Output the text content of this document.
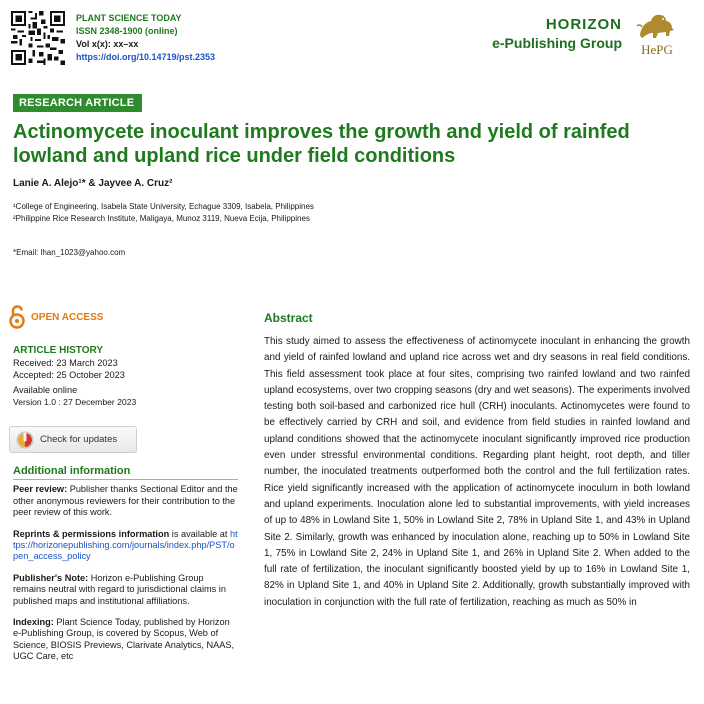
PLANT SCIENCE TODAY
ISSN 2348-1900 (online)
Vol x(x): xx–xx
https://doi.org/10.14719/pst.2353
HORIZON
e-Publishing Group	HePG
RESEARCH ARTICLE
Actinomycete inoculant improves the growth and yield of rainfed lowland and upland rice under field conditions
Lanie A. Alejo¹* & Jayvee A. Cruz²
¹College of Engineering, Isabela State University, Echague 3309, Isabela, Philippines
²Philippine Rice Research Institute, Maligaya, Munoz 3119, Nueva Ecija, Philippines
*Email: lhan_1023@yahoo.com
OPEN ACCESS
ARTICLE HISTORY
Received: 23 March 2023
Accepted: 25 October 2023
Available online
Version 1.0 : 27 December 2023
Check for updates
Additional information

Peer review: Publisher thanks Sectional Editor and the other anonymous reviewers for their contribution to the peer review of this work.

Reprints & permissions information is available at https://horizonepublishing.com/journals/index.php/PST/open_access_policy

Publisher's Note: Horizon e-Publishing Group remains neutral with regard to jurisdictional claims in published maps and institutional affiliations.

Indexing: Plant Science Today, published by Horizon e-Publishing Group, is covered by Scopus, Web of Science, BIOSIS Previews, Clarivate Analytics, NAAS, UGC Care, etc

Abstract
This study aimed to assess the effectiveness of actinomycete inoculant in enhancing the growth and yield of rainfed lowland and upland rice across wet and dry seasons in real field conditions. This field assessment took place at four sites, comprising two rainfed lowland and two rainfed upland ecosystems, over two cropping seasons (dry and wet seasons). The experiments involved testing both soil-based and carbonized rice hull (CRH) inoculants. Actinomycetes were found to be effectively carried by CRH and soil, and evidence from field studies in rainfed lowland and upland conditions showed that the actinomycete inoculant significantly improved rice production even under stressful environmental conditions. Regarding plant height, root depth, and tiller number, the inoculated treatments outperformed both the control and the full fertilization rates. Rice yield significantly increased with the application of actinomycete inoculum in both lowland and upland experiments. Inoculation alone led to substantial improvements, with yield increases of up to 48% in Lowland Site 1, 50% in Lowland Site 2, 78% in Upland Site 1, and 43% in Upland Site 2. Similarly, growth was enhanced by inoculation alone, reaching up to 50% in Lowland Site 1, 75% in Lowland Site 2, 24% in Upland Site 1, and 26% in Upland Site 2. When added to the full rate of fertilization, the inoculant significantly boosted yield by up to 16% in Lowland Site 1, 82% in Upland Site 1, and 40% in Upland Site 2. Additionally, growth substantially improved with inoculation in conjunction with the full rate of fertilization, reaching as much as 50% in
